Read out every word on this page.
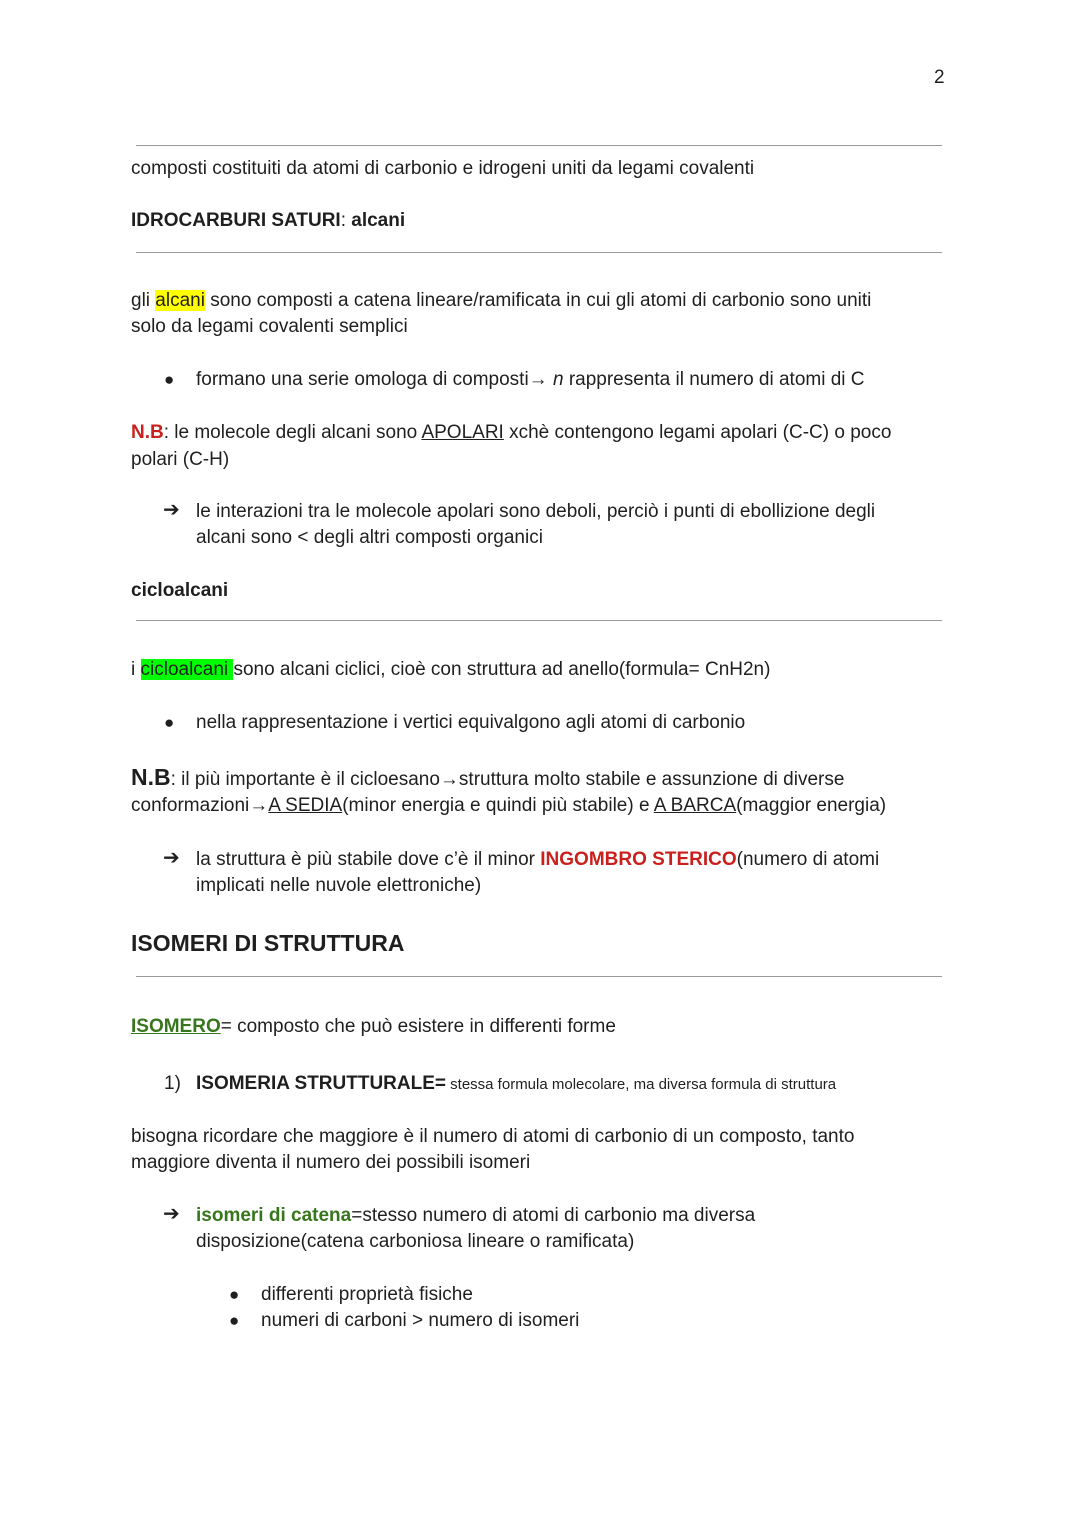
2
composti costituiti da atomi di carbonio e idrogeni uniti da legami covalenti
IDROCARBURI SATURI: alcani
gli alcani sono composti a catena lineare/ramificata in cui gli atomi di carbonio sono uniti
solo da legami covalenti semplici
● formano una serie omologa di composti→ n rappresenta il numero di atomi di C
N.B: le molecole degli alcani sono APOLARI xchè contengono legami apolari (C-C) o poco
polari (C-H)
➔ le interazioni tra le molecole apolari sono deboli, perciò i punti di ebollizione degli
alcani sono < degli altri composti organici
cicloalcani
i cicloalcani sono alcani ciclici, cioè con struttura ad anello(formula= CnH2n)
● nella rappresentazione i vertici equivalgono agli atomi di carbonio
N.B: il più importante è il cicloesano→struttura molto stabile e assunzione di diverse
conformazioni→A SEDIA(minor energia e quindi più stabile) e A BARCA(maggior energia)
➔ la struttura è più stabile dove c’è il minor INGOMBRO STERICO(numero di atomi
implicati nelle nuvole elettroniche)
ISOMERI DI STRUTTURA
ISOMERO= composto che può esistere in differenti forme
1) ISOMERIA STRUTTURALE= stessa formula molecolare, ma diversa formula di struttura
bisogna ricordare che maggiore è il numero di atomi di carbonio di un composto, tanto
maggiore diventa il numero dei possibili isomeri
➔ isomeri di catena=stesso numero di atomi di carbonio ma diversa
disposizione(catena carboniosa lineare o ramificata)
● differenti proprietà fisiche
● numeri di carboni > numero di isomeri
